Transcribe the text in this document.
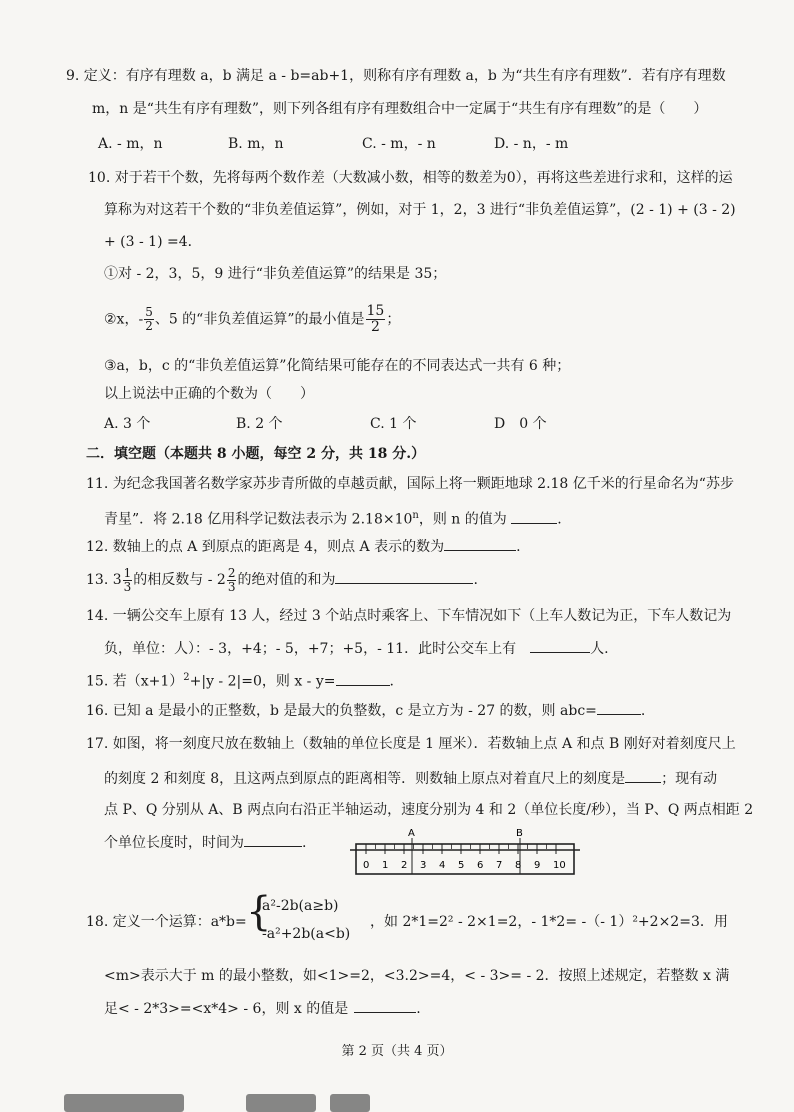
9. 定义：有序有理数 a，b 满足 a - b=ab+1，则称有序有理数 a，b 为“共生有序有理数”．若有序有理数
m，n 是“共生有序有理数”，则下列各组有序有理数组合中一定属于“共生有序有理数”的是（　　）
A. - m，n	B. m，n	C. - m，- n	D. - n，- m
10. 对于若干个数，先将每两个数作差（大数减小数，相等的数差为0），再将这些差进行求和，这样的运
算称为对这若干个数的“非负差值运算”，例如，对于 1，2，3 进行“非负差值运算”，(2 - 1) + (3 - 2)
+ (3 - 1) =4．
①对 - 2，3，5，9 进行“非负差值运算”的结果是 35；
②x，- $\frac{5}{2}$ 、5 的“非负差值运算”的最小值是 $\frac{15}{2}$ ；
③a，b，c 的“非负差值运算”化简结果可能存在的不同表达式一共有 6 种；
以上说法中正确的个数为（　　）
A. 3 个	B. 2 个	C. 1 个	D　0 个
二．填空题（本题共 8 小题，每空 2 分，共 18 分.）
11. 为纪念我国著名数学家苏步青所做的卓越贡献，国际上将一颗距地球 2.18 亿千米的行星命名为“苏步
青星”．将 2.18 亿用科学记数法表示为 $2.18\times 10^n$，则 n 的值为	.
12. 数轴上的点 A 到原点的距离是 4，则点 A 表示的数为	.
13. $3 \frac{1}{3}$ 的相反数与 - $2 \frac{2}{3}$ 的绝对值的和为	.
14. 一辆公交车上原有 13 人，经过 3 个站点时乘客上、下车情况如下（上车人数记为正，下车人数记为
负，单位：人）：- 3，+4；- 5，+7；+5，- 11．此时公交车上有　	人.
15. 若$(x+1)^2+|y - 2|=0$，则 x - y=	.
16. 已知 a 是最小的正整数，b 是最大的负整数，c 是立方为 - 27 的数，则 abc=	.
17. 如图，将一刻度尺放在数轴上（数轴的单位长度是 1 厘米）．若数轴上点 A 和点 B 刚好对着刻度尺上
的刻度 2 和刻度 8，且这两点到原点的距离相等．则数轴上原点对着直尺上的刻度是	；现有动
点 P、Q 分别从 A、B 两点向右沿正半轴运动，速度分别为 4 和 2（单位长度/秒），当 P、Q 两点相距 2
个单位长度时，时间为	.
A	B
0 1 2 3 4 5 6 7 8 9 10
18. 定义一个运算：a*b= {
a²-2b(a≥b)
-a²+2b(a<b)
，如 2*1=2² - 2×1=2，- 1*2= -（- 1）²+2×2=3．用
<m>表示大于 m 的最小整数，如<1>=2，<3.2>=4，< - 3>= - 2．按照上述规定，若整数 x 满
足< - 2*3>=<x*4> - 6，则 x 的值是	.
第 2 页（共 4 页）
